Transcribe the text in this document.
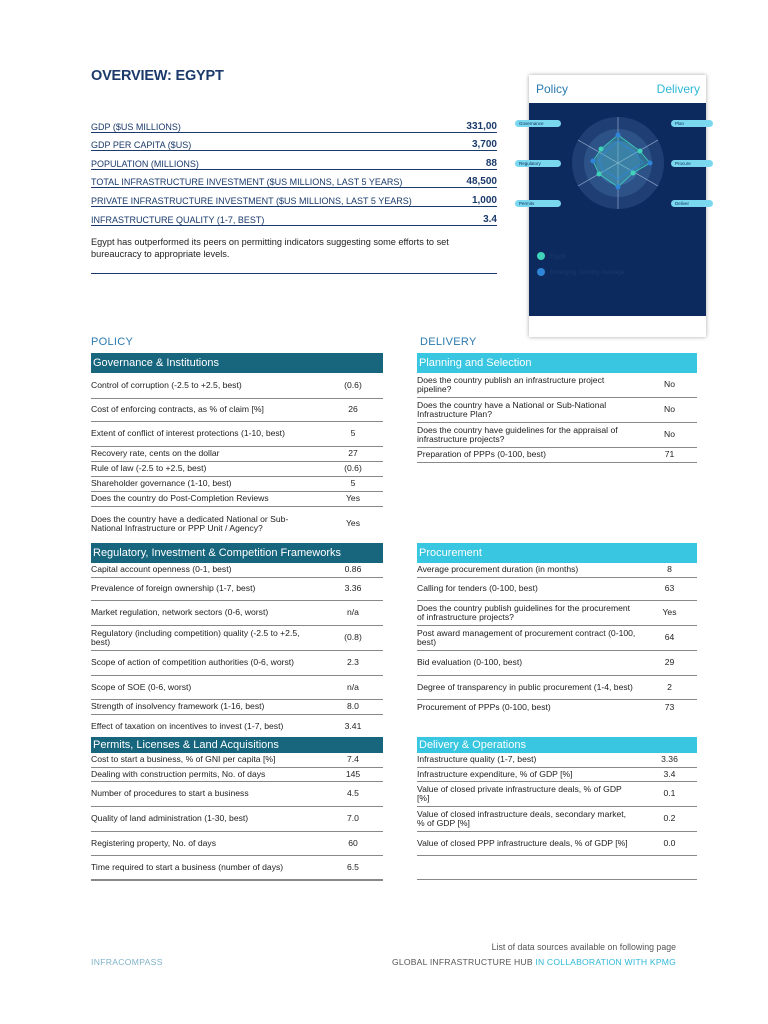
OVERVIEW: EGYPT
GDP ($US MILLIONS)	331,00
GDP PER CAPITA ($US)	3,700
POPULATION (MILLIONS)	88
TOTAL INFRASTRUCTURE INVESTMENT ($US MILLIONS, LAST 5 YEARS)	48,500
PRIVATE INFRASTRUCTURE INVESTMENT ($US MILLIONS, LAST 5 YEARS)	1,000
INFRASTRUCTURE QUALITY (1-7, BEST)	3.4
Egypt has outperformed its peers on permitting indicators suggesting some efforts to set bureaucracy to appropriate levels.
Policy	Delivery
Governance
Regulatory
Permits
Plan
Procure
Deliver
Egypt
Emerging Country Average
POLICY	DELIVERY
Governance & Institutions
Control of corruption (-2.5 to +2.5, best)	(0.6)
Cost of enforcing contracts, as % of claim [%]	26
Extent of conflict of interest protections (1-10, best)	5
Recovery rate, cents on the dollar	27
Rule of law (-2.5 to +2.5, best)	(0.6)
Shareholder governance (1-10, best)	5
Does the country do Post-Completion Reviews	Yes
Does the country have a dedicated National or Sub-National Infrastructure or PPP Unit / Agency?	Yes
Regulatory, Investment & Competition Frameworks
Capital account openness (0-1, best)	0.86
Prevalence of foreign ownership (1-7, best)	3.36
Market regulation, network sectors (0-6, worst)	n/a
Regulatory (including competition) quality (-2.5 to +2.5, best)	(0.8)
Scope of action of competition authorities (0-6, worst)	2.3
Scope of SOE (0-6, worst)	n/a
Strength of insolvency framework (1-16, best)	8.0
Effect of taxation on incentives to invest (1-7, best)	3.41
Permits, Licenses & Land Acquisitions
Cost to start a business, % of GNI per capita [%]	7.4
Dealing with construction permits, No. of days	145
Number of procedures to start a business	4.5
Quality of land administration (1-30, best)	7.0
Registering property, No. of days	60
Time required to start a business (number of days)	6.5
Planning and Selection
Does the country publish an infrastructure project pipeline?	No
Does the country have a National or Sub-National Infrastructure Plan?	No
Does the country have guidelines for the appraisal of infrastructure projects?	No
Preparation of PPPs (0-100, best)	71
Procurement
Average procurement duration (in months)	8
Calling for tenders (0-100, best)	63
Does the country publish guidelines for the procurement of infrastructure projects?	Yes
Post award management of procurement contract (0-100, best)	64
Bid evaluation (0-100, best)	29
Degree of transparency in public procurement (1-4, best)	2
Procurement of PPPs (0-100, best)	73
Delivery & Operations
Infrastructure quality (1-7, best)	3.36
Infrastructure expenditure, % of GDP [%]	3.4
Value of closed private infrastructure deals, % of GDP [%]	0.1
Value of closed infrastructure deals, secondary market, % of GDP [%]	0.2
Value of closed PPP infrastructure deals, % of GDP [%]	0.0
List of data sources available on following page
INFRACOMPASS	GLOBAL INFRASTRUCTURE HUB IN COLLABORATION WITH KPMG
